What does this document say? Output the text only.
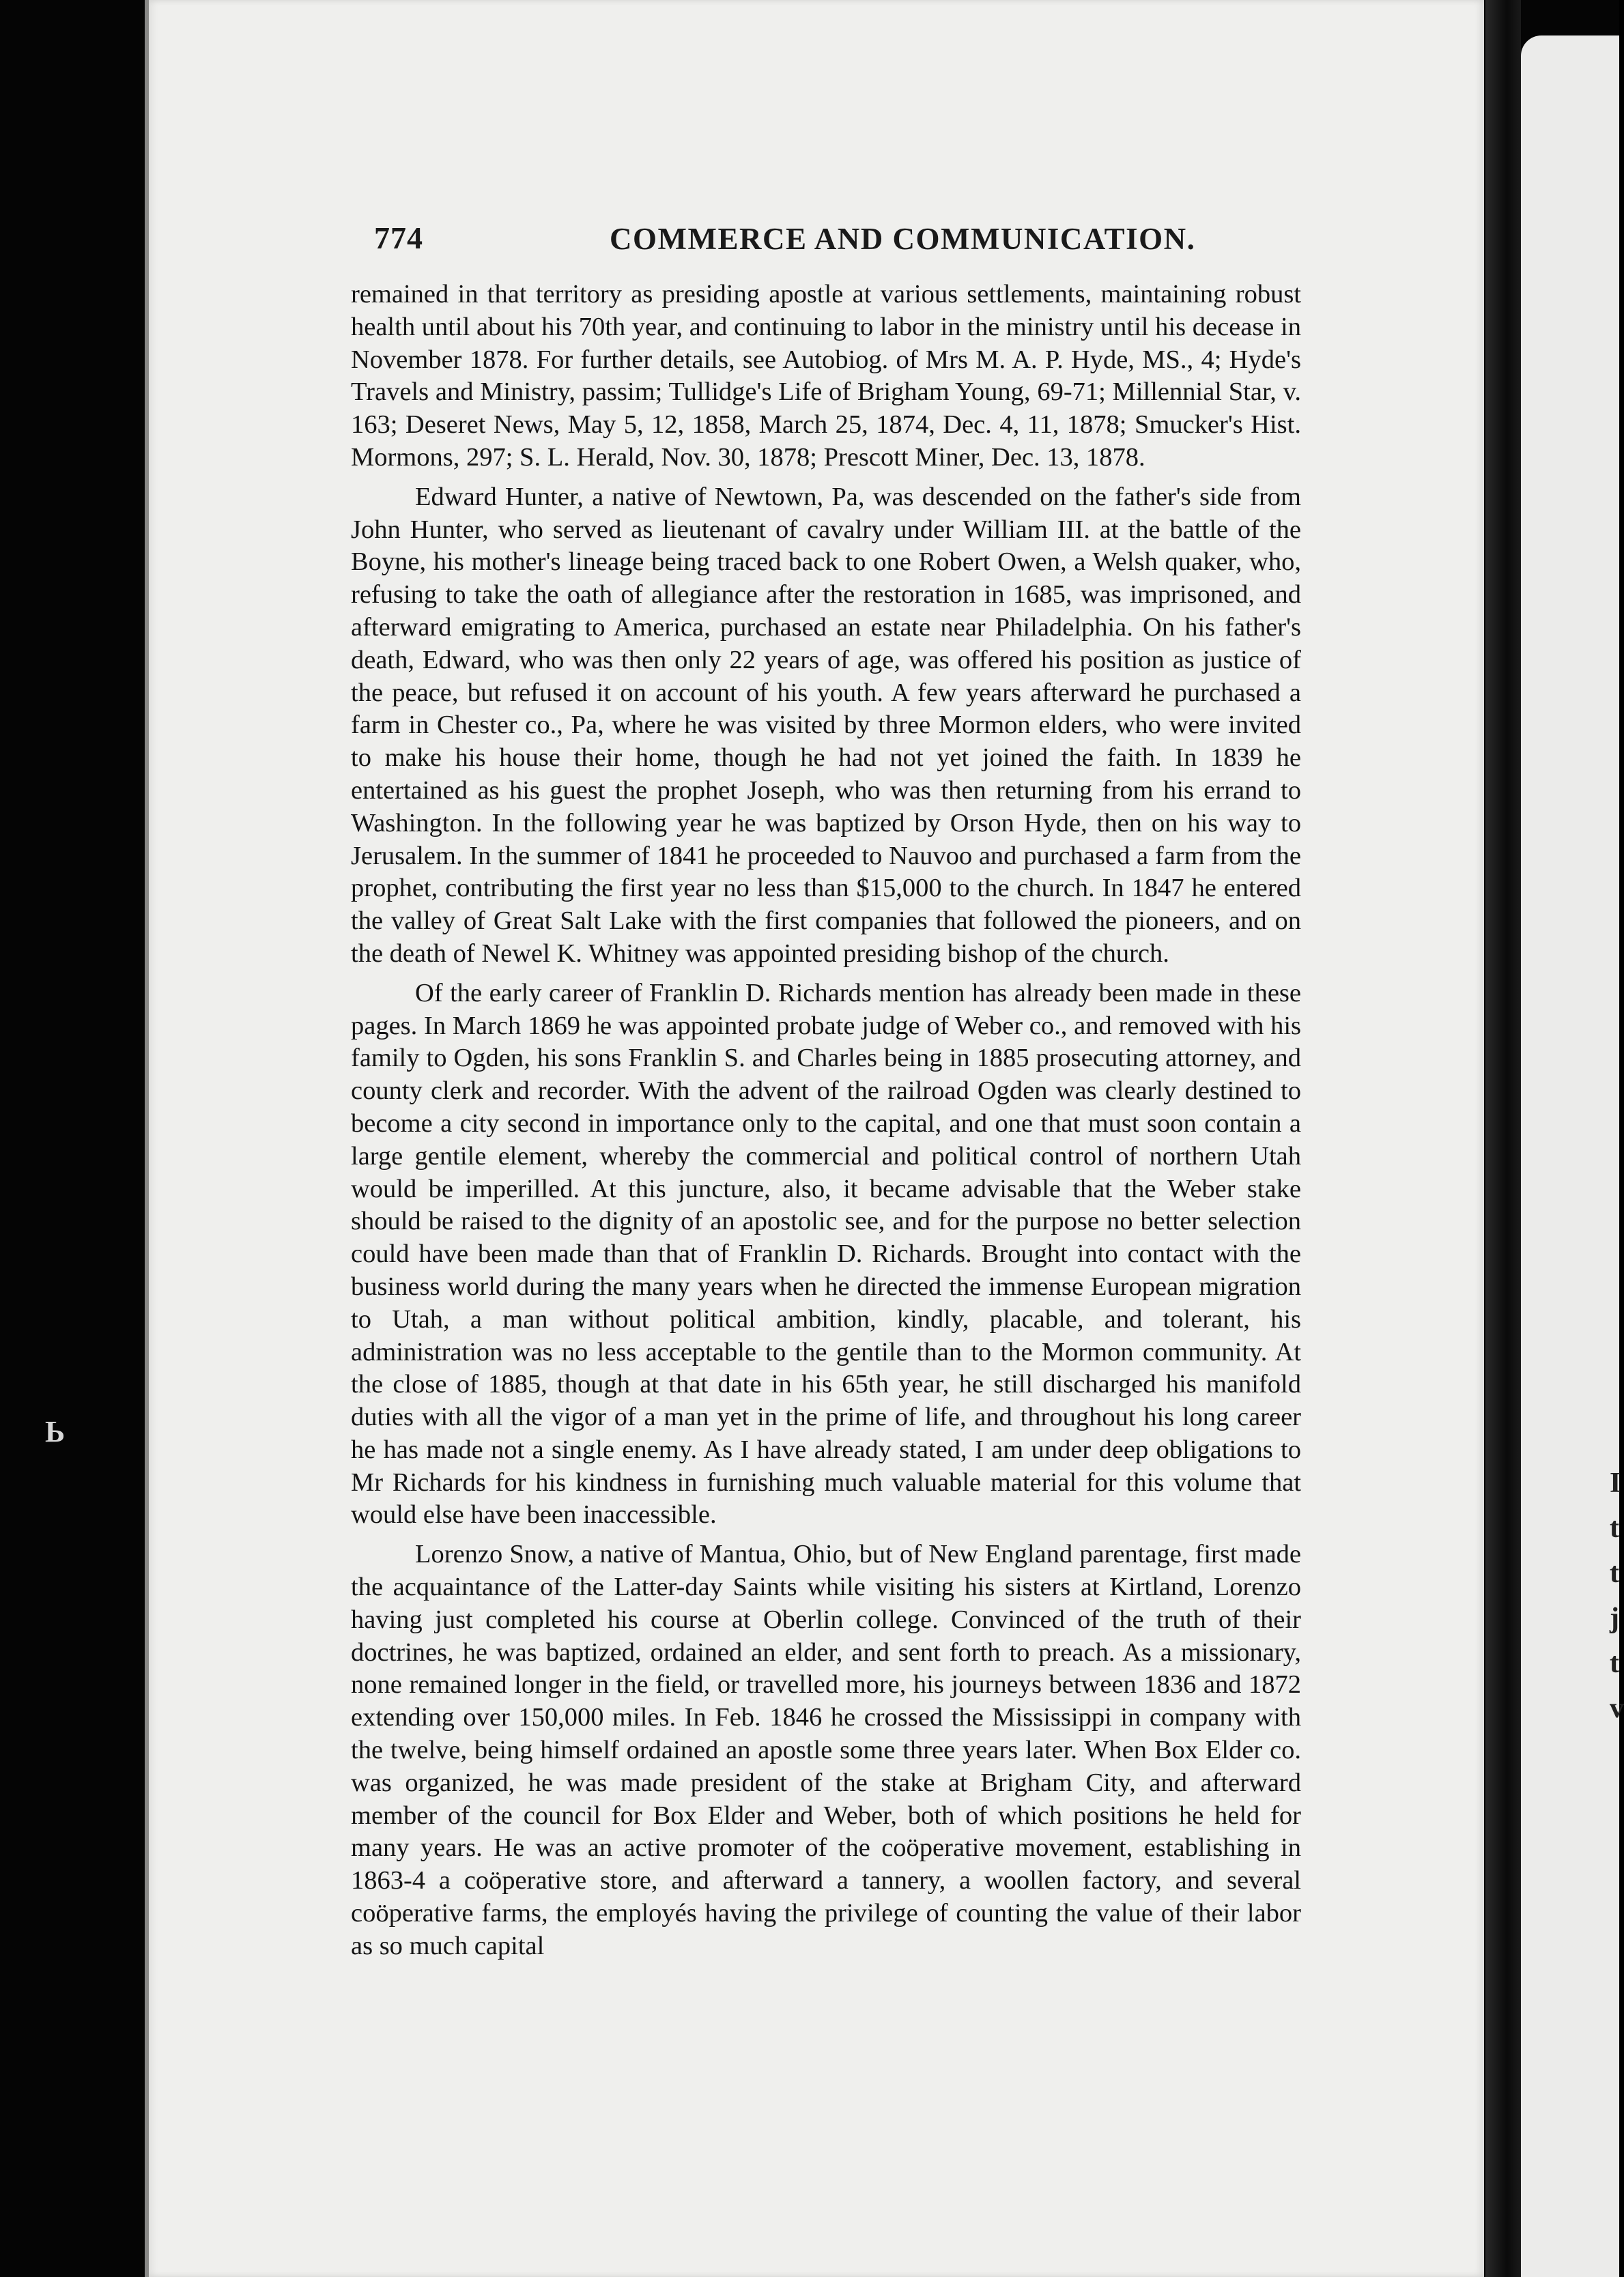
I
t
t
j
t
v
Ь
774	COMMERCE AND COMMUNICATION.

remained in that territory as presiding apostle at various settlements, maintaining robust health until about his 70th year, and continuing to labor in the ministry until his decease in November 1878. For further details, see Autobiog. of Mrs M. A. P. Hyde, MS., 4; Hyde's Travels and Ministry, passim; Tullidge's Life of Brigham Young, 69-71; Millennial Star, v. 163; Deseret News, May 5, 12, 1858, March 25, 1874, Dec. 4, 11, 1878; Smucker's Hist. Mormons, 297; S. L. Herald, Nov. 30, 1878; Prescott Miner, Dec. 13, 1878.

Edward Hunter, a native of Newtown, Pa, was descended on the father's side from John Hunter, who served as lieutenant of cavalry under William III. at the battle of the Boyne, his mother's lineage being traced back to one Robert Owen, a Welsh quaker, who, refusing to take the oath of allegiance after the restoration in 1685, was imprisoned, and afterward emigrating to America, purchased an estate near Philadelphia. On his father's death, Edward, who was then only 22 years of age, was offered his position as justice of the peace, but refused it on account of his youth. A few years afterward he purchased a farm in Chester co., Pa, where he was visited by three Mormon elders, who were invited to make his house their home, though he had not yet joined the faith. In 1839 he entertained as his guest the prophet Joseph, who was then returning from his errand to Washington. In the following year he was baptized by Orson Hyde, then on his way to Jerusalem. In the summer of 1841 he proceeded to Nauvoo and purchased a farm from the prophet, contributing the first year no less than $15,000 to the church. In 1847 he entered the valley of Great Salt Lake with the first companies that followed the pioneers, and on the death of Newel K. Whitney was appointed presiding bishop of the church.

Of the early career of Franklin D. Richards mention has already been made in these pages. In March 1869 he was appointed probate judge of Weber co., and removed with his family to Ogden, his sons Franklin S. and Charles being in 1885 prosecuting attorney, and county clerk and recorder. With the advent of the railroad Ogden was clearly destined to become a city second in importance only to the capital, and one that must soon contain a large gentile element, whereby the commercial and political control of northern Utah would be imperilled. At this juncture, also, it became advisable that the Weber stake should be raised to the dignity of an apostolic see, and for the purpose no better selection could have been made than that of Franklin D. Richards. Brought into contact with the business world during the many years when he directed the immense European migration to Utah, a man without political ambition, kindly, placable, and tolerant, his administration was no less acceptable to the gentile than to the Mormon community. At the close of 1885, though at that date in his 65th year, he still discharged his manifold duties with all the vigor of a man yet in the prime of life, and throughout his long career he has made not a single enemy. As I have already stated, I am under deep obligations to Mr Richards for his kindness in furnishing much valuable material for this volume that would else have been inaccessible.

Lorenzo Snow, a native of Mantua, Ohio, but of New England parentage, first made the acquaintance of the Latter-day Saints while visiting his sisters at Kirtland, Lorenzo having just completed his course at Oberlin college. Convinced of the truth of their doctrines, he was baptized, ordained an elder, and sent forth to preach. As a missionary, none remained longer in the field, or travelled more, his journeys between 1836 and 1872 extending over 150,000 miles. In Feb. 1846 he crossed the Mississippi in company with the twelve, being himself ordained an apostle some three years later. When Box Elder co. was organized, he was made president of the stake at Brigham City, and afterward member of the council for Box Elder and Weber, both of which positions he held for many years. He was an active promoter of the coöperative movement, establishing in 1863-4 a coöperative store, and afterward a tannery, a woollen factory, and several coöperative farms, the employés having the privilege of counting the value of their labor as so much capital
